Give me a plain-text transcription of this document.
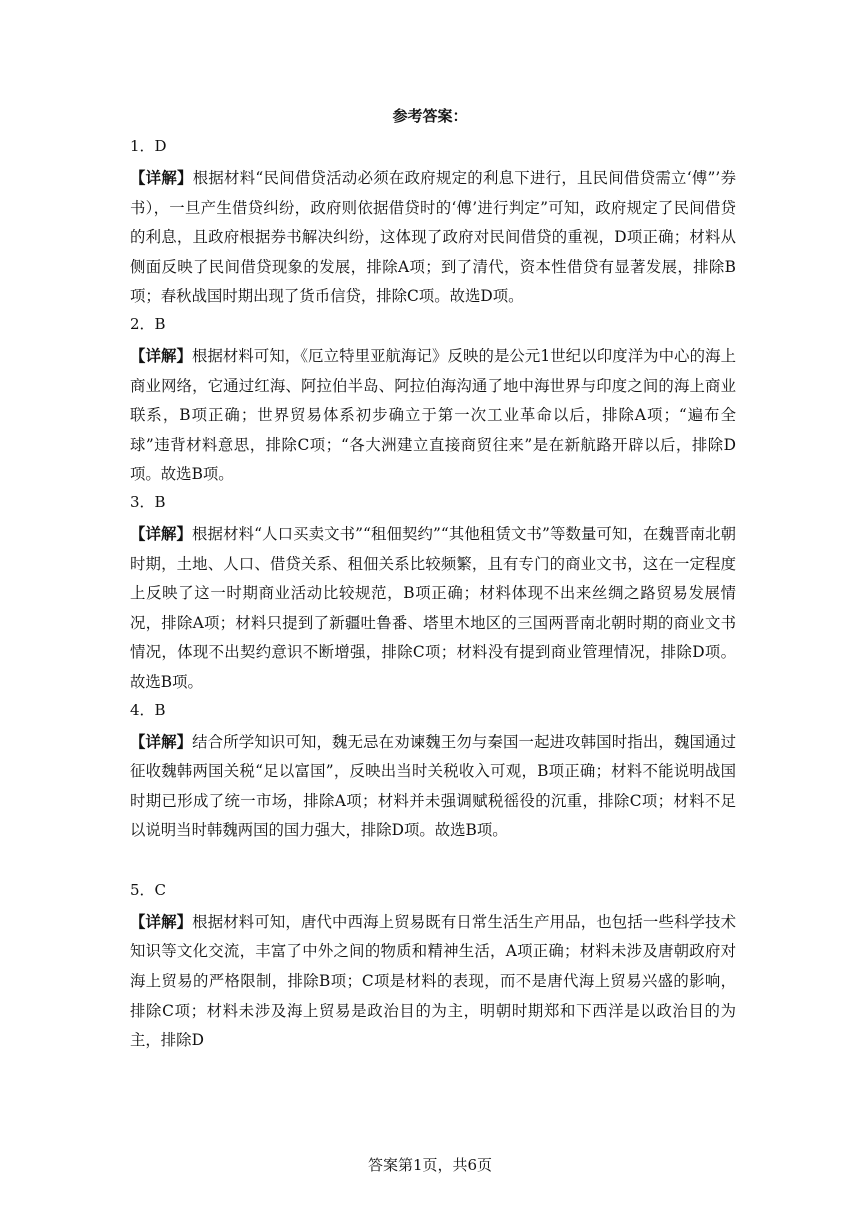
参考答案：
1．D

【详解】根据材料“民间借贷活动必须在政府规定的利息下进行，且民间借贷需立‘傅”’券书），一旦产生借贷纠纷，政府则依据借贷时的‘傅’进行判定”可知，政府规定了民间借贷的利息，且政府根据券书解决纠纷，这体现了政府对民间借贷的重视，D项正确；材料从侧面反映了民间借贷现象的发展，排除A项；到了清代，资本性借贷有显著发展，排除B项；春秋战国时期出现了货币信贷，排除C项。故选D项。

2．B

【详解】根据材料可知，《厄立特里亚航海记》反映的是公元1世纪以印度洋为中心的海上商业网络，它通过红海、阿拉伯半岛、阿拉伯海沟通了地中海世界与印度之间的海上商业联系，B项正确；世界贸易体系初步确立于第一次工业革命以后，排除A项；“遍布全球”违背材料意思，排除C项；“各大洲建立直接商贸往来”是在新航路开辟以后，排除D项。故选B项。

3．B

【详解】根据材料“人口买卖文书”“租佃契约”“其他租赁文书”等数量可知，在魏晋南北朝时期，土地、人口、借贷关系、租佃关系比较频繁，且有专门的商业文书，这在一定程度上反映了这一时期商业活动比较规范，B项正确；材料体现不出来丝绸之路贸易发展情况，排除A项；材料只提到了新疆吐鲁番、塔里木地区的三国两晋南北朝时期的商业文书情况，体现不出契约意识不断增强，排除C项；材料没有提到商业管理情况，排除D项。故选B项。

4．B

【详解】结合所学知识可知，魏无忌在劝谏魏王勿与秦国一起进攻韩国时指出，魏国通过征收魏韩两国关税“足以富国”，反映出当时关税收入可观，B项正确；材料不能说明战国时期已形成了统一市场，排除A项；材料并未强调赋税徭役的沉重，排除C项；材料不足以说明当时韩魏两国的国力强大，排除D项。故选B项。

5．C

【详解】根据材料可知，唐代中西海上贸易既有日常生活生产用品，也包括一些科学技术知识等文化交流，丰富了中外之间的物质和精神生活，A项正确；材料未涉及唐朝政府对海上贸易的严格限制，排除B项；C项是材料的表现，而不是唐代海上贸易兴盛的影响，排除C项；材料未涉及海上贸易是政治目的为主，明朝时期郑和下西洋是以政治目的为主，排除D

答案第1页，共6页
